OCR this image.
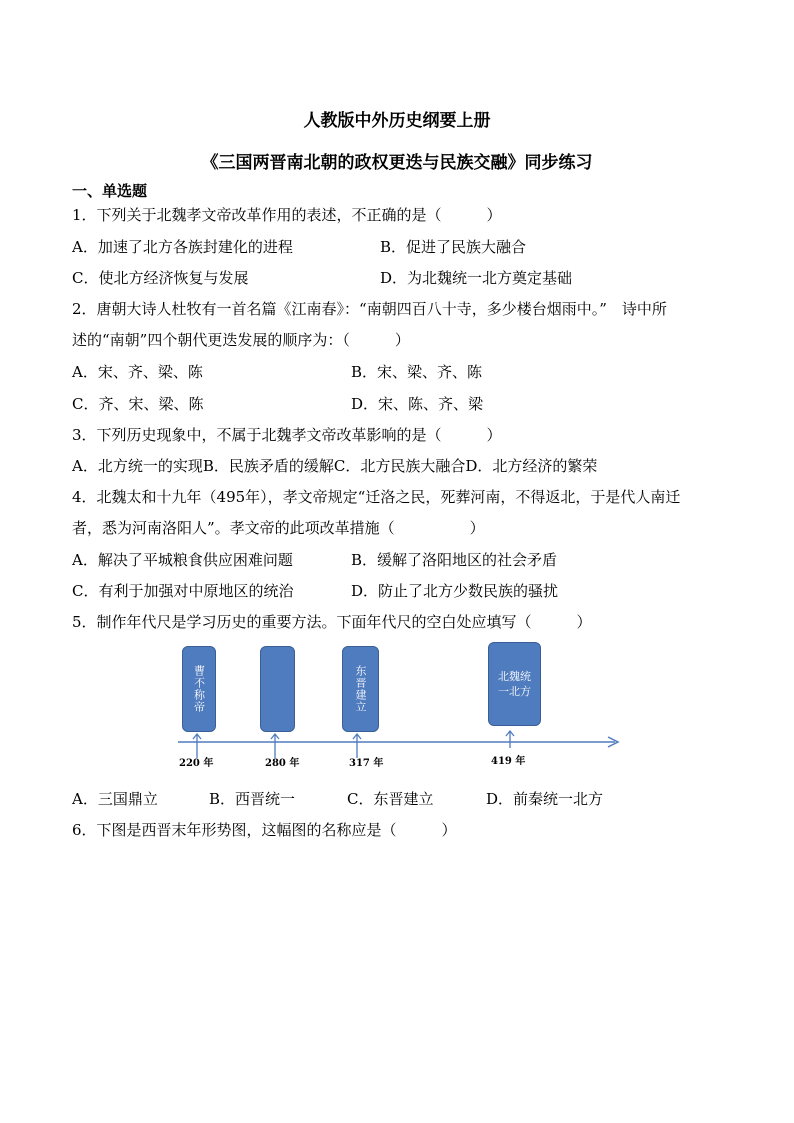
人教版中外历史纲要上册
《三国两晋南北朝的政权更迭与民族交融》同步练习
一、单选题
1．下列关于北魏孝文帝改革作用的表述，不正确的是（　　　）
A．加速了北方各族封建化的进程	B．促进了民族大融合
C．使北方经济恢复与发展	D．为北魏统一北方奠定基础
2．唐朝大诗人杜牧有一首名篇《江南春》：“南朝四百八十寺，多少楼台烟雨中。”　诗中所
述的“南朝”四个朝代更迭发展的顺序为：（　　　）
A．宋、齐、梁、陈	B．宋、梁、齐、陈
C．齐、宋、梁、陈	D．宋、陈、齐、梁
3．下列历史现象中，不属于北魏孝文帝改革影响的是（　　　）
A．北方统一的实现B．民族矛盾的缓解C．北方民族大融合D．北方经济的繁荣
4．北魏太和十九年（495年），孝文帝规定“迁洛之民，死葬河南，不得返北，于是代人南迁
者，悉为河南洛阳人”。孝文帝的此项改革措施（　　　　　）
A．解决了平城粮食供应困难问题	B．缓解了洛阳地区的社会矛盾
C．有利于加强对中原地区的统治	D．防止了北方少数民族的骚扰
5．制作年代尺是学习历史的重要方法。下面年代尺的空白处应填写（　　　）
曹不称帝	东晋建立	北魏统一北方
220 年	280 年	317 年	419 年
A．三国鼎立	B．西晋统一	C．东晋建立	D．前秦统一北方
6．下图是西晋末年形势图，这幅图的名称应是（　　　）
